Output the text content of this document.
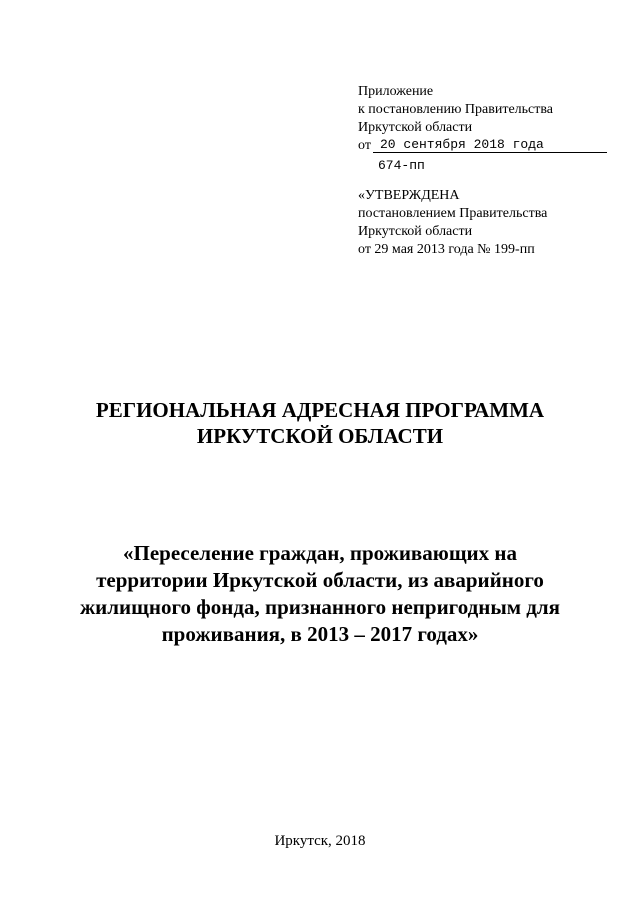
Приложение
к постановлению Правительства
Иркутской области
от 20 сентября 2018 года
674-пп
«УТВЕРЖДЕНА
постановлением Правительства
Иркутской области
от 29 мая 2013 года № 199-пп
РЕГИОНАЛЬНАЯ АДРЕСНАЯ ПРОГРАММА
ИРКУТСКОЙ ОБЛАСТИ
«Переселение граждан, проживающих на
территории Иркутской области, из аварийного
жилищного фонда, признанного непригодным для
проживания, в 2013 – 2017 годах»
Иркутск, 2018
